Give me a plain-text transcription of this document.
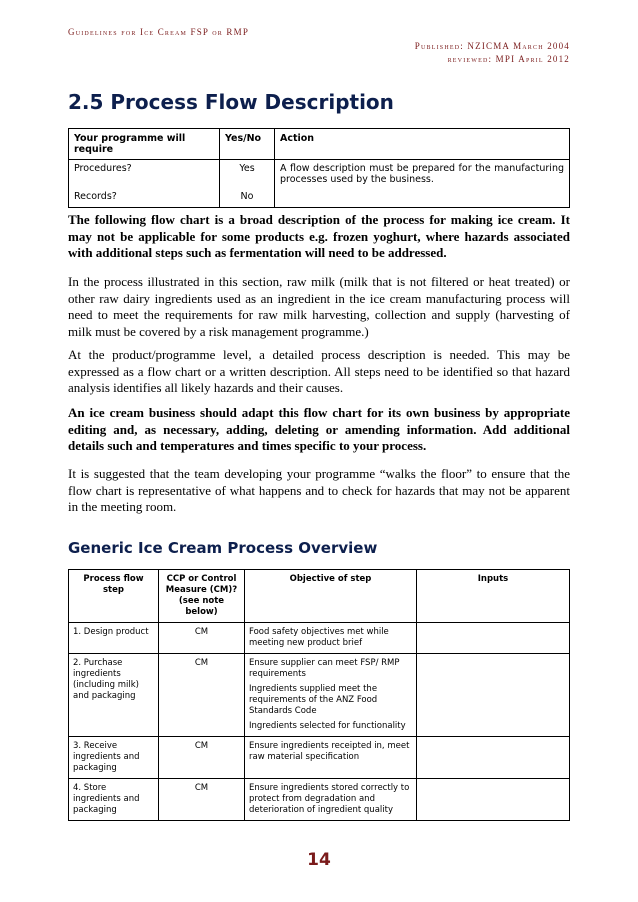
Guidelines for Ice Cream FSP or RMP
Published: NZICMA March 2004
reviewed: MPI April 2012
2.5 Process Flow Description
Your programme will require	Yes/No	Action
Procedures?	Yes	A flow description must be prepared for the manufacturing processes used by the business.
Records?	No	

The following flow chart is a broad description of the process for making ice cream. It may not be applicable for some products e.g. frozen yoghurt, where hazards associated with additional steps such as fermentation will need to be addressed.

In the process illustrated in this section, raw milk (milk that is not filtered or heat treated) or other raw dairy ingredients used as an ingredient in the ice cream manufacturing process will need to meet the requirements for raw milk harvesting, collection and supply (harvesting of milk must be covered by a risk management programme.)

At the product/programme level, a detailed process description is needed. This may be expressed as a flow chart or a written description. All steps need to be identified so that hazard analysis identifies all likely hazards and their causes.

An ice cream business should adapt this flow chart for its own business by appropriate editing and, as necessary, adding, deleting or amending information. Add additional details such and temperatures and times specific to your process.

It is suggested that the team developing your programme “walks the floor” to ensure that the flow chart is representative of what happens and to check for hazards that may not be apparent in the meeting room.

Generic Ice Cream Process Overview
Process flow step	CCP or Control Measure (CM)? (see note below)	Objective of step	Inputs
1. Design product	CM	Food safety objectives met while meeting new product brief	

2. Purchase ingredients (including milk) and packaging	CM	Ensure supplier can meet FSP/ RMP requirements

Ingredients supplied meet the requirements of the ANZ Food Standards Code

Ingredients selected for functionality	

3. Receive ingredients and packaging	CM	Ensure ingredients receipted in, meet raw material specification	

4. Store ingredients and packaging	CM	Ensure ingredients stored correctly to protect from degradation and deterioration of ingredient quality	

14
